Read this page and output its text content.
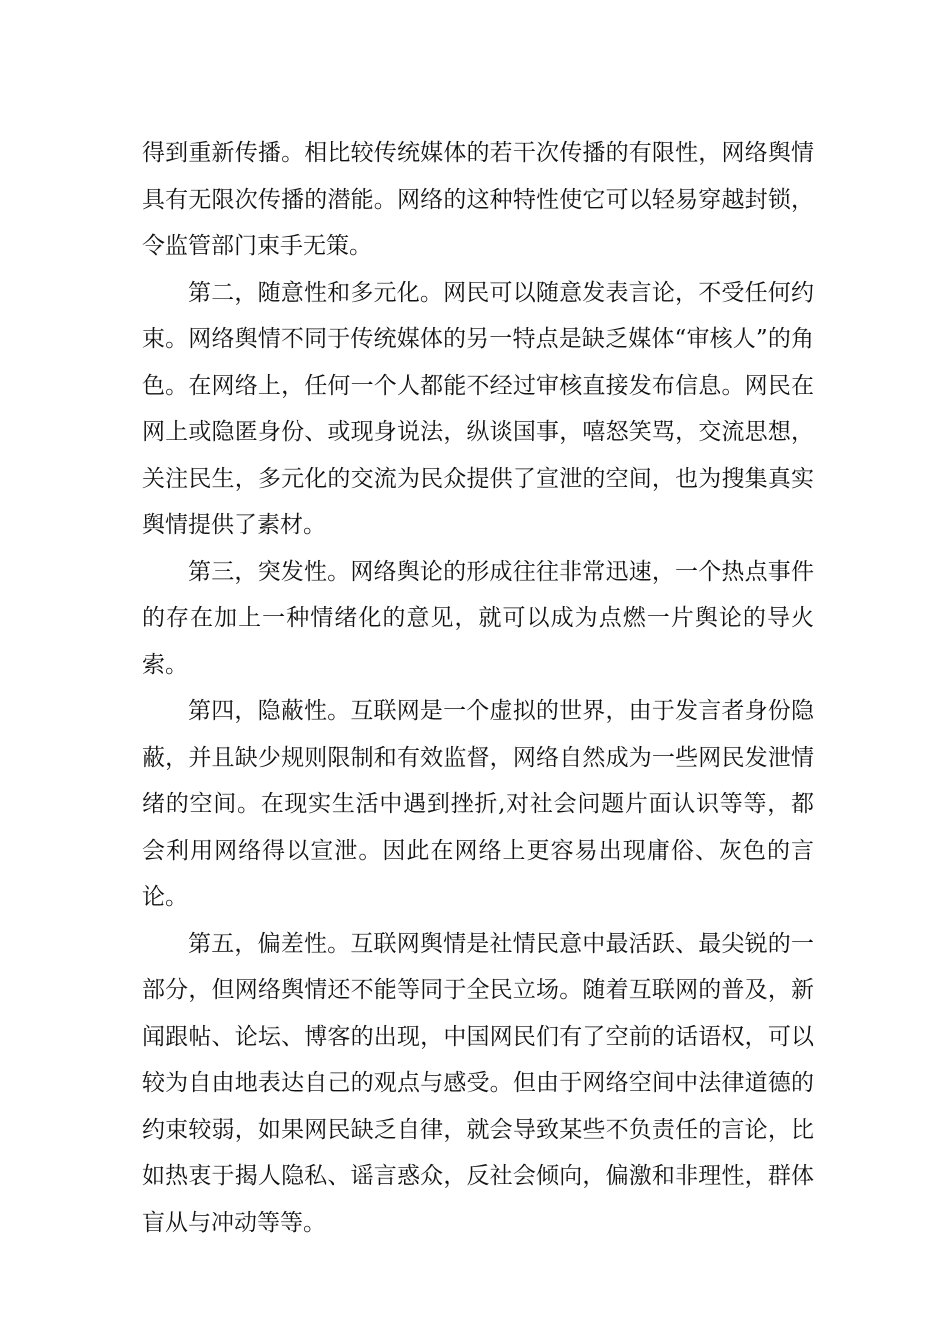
得到重新传播。相比较传统媒体的若干次传播的有限性，网络舆情具有无限次传播的潜能。网络的这种特性使它可以轻易穿越封锁，令监管部门束手无策。

第二，随意性和多元化。网民可以随意发表言论，不受任何约束。网络舆情不同于传统媒体的另一特点是缺乏媒体“审核人”的角色。在网络上，任何一个人都能不经过审核直接发布信息。网民在网上或隐匿身份、或现身说法，纵谈国事，嘻怒笑骂，交流思想，关注民生，多元化的交流为民众提供了宣泄的空间，也为搜集真实舆情提供了素材。

第三，突发性。网络舆论的形成往往非常迅速，一个热点事件的存在加上一种情绪化的意见，就可以成为点燃一片舆论的导火索。

第四，隐蔽性。互联网是一个虚拟的世界，由于发言者身份隐蔽，并且缺少规则限制和有效监督，网络自然成为一些网民发泄情绪的空间。在现实生活中遇到挫折,对社会问题片面认识等等，都会利用网络得以宣泄。因此在网络上更容易出现庸俗、灰色的言论。

第五，偏差性。互联网舆情是社情民意中最活跃、最尖锐的一部分，但网络舆情还不能等同于全民立场。随着互联网的普及，新闻跟帖、论坛、博客的出现，中国网民们有了空前的话语权，可以较为自由地表达自己的观点与感受。但由于网络空间中法律道德的约束较弱，如果网民缺乏自律，就会导致某些不负责任的言论，比如热衷于揭人隐私、谣言惑众，反社会倾向，偏激和非理性，群体盲从与冲动等等。
